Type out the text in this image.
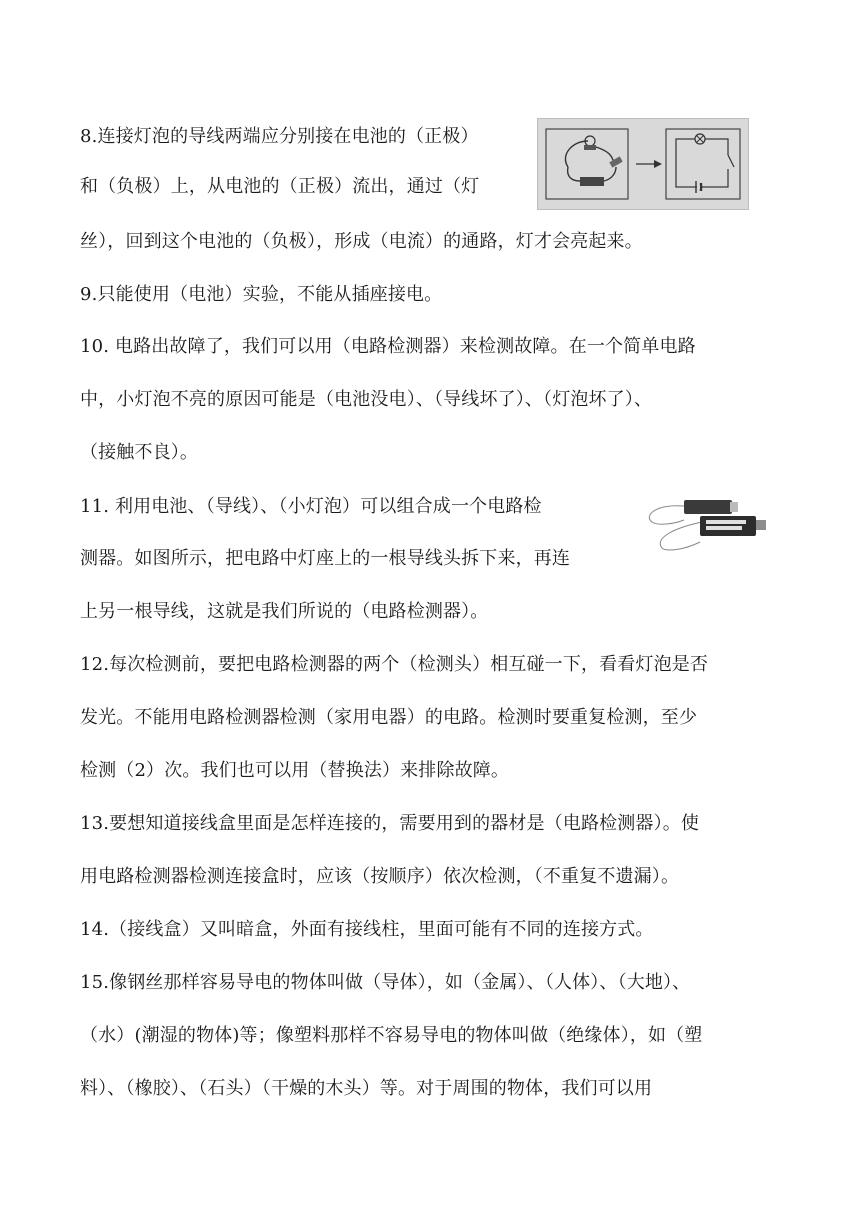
8.连接灯泡的导线两端应分别接在电池的（正极）
和（负极）上，从电池的（正极）流出，通过（灯
丝），回到这个电池的（负极），形成（电流）的通路，灯才会亮起来。
9.只能使用（电池）实验，不能从插座接电。
10. 电路出故障了，我们可以用（电路检测器）来检测故障。在一个简单电路
中，小灯泡不亮的原因可能是（电池没电）、（导线坏了）、（灯泡坏了）、
（接触不良）。
11. 利用电池、（导线）、（小灯泡）可以组合成一个电路检
测器。如图所示，把电路中灯座上的一根导线头拆下来，再连
上另一根导线，这就是我们所说的（电路检测器）。
12.每次检测前，要把电路检测器的两个（检测头）相互碰一下，看看灯泡是否
发光。不能用电路检测器检测（家用电器）的电路。检测时要重复检测，至少
检测（2）次。我们也可以用（替换法）来排除故障。
13.要想知道接线盒里面是怎样连接的，需要用到的器材是（电路检测器）。使
用电路检测器检测连接盒时，应该（按顺序）依次检测，（不重复不遗漏）。
14.（接线盒）又叫暗盒，外面有接线柱，里面可能有不同的连接方式。
15.像钢丝那样容易导电的物体叫做（导体），如（金属）、（人体）、（大地）、
（水）(潮湿的物体)等；像塑料那样不容易导电的物体叫做（绝缘体），如（塑
料）、（橡胶）、（石头）（干燥的木头）等。对于周围的物体，我们可以用
